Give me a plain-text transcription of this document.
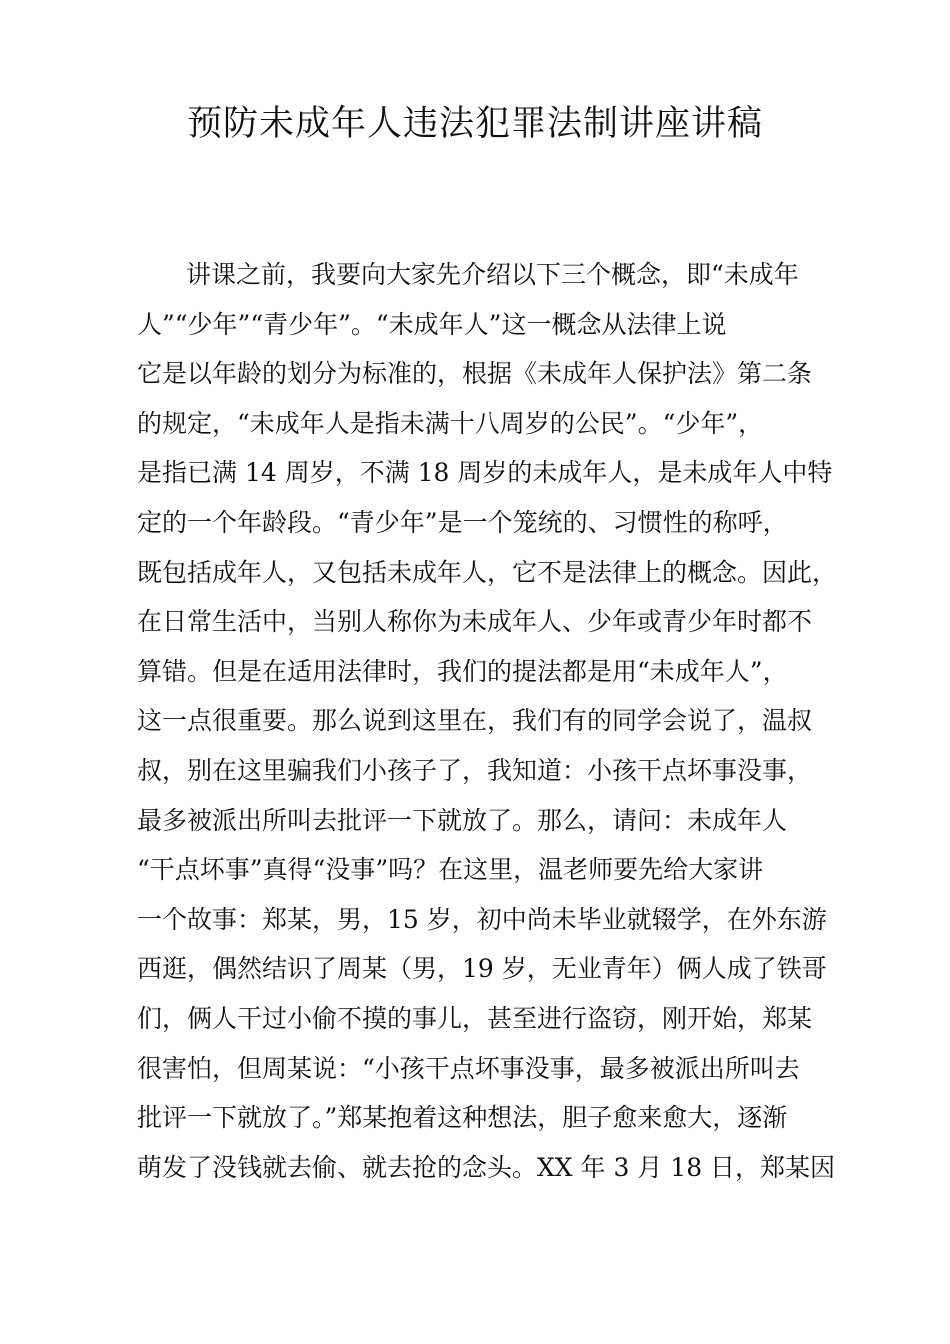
预防未成年人违法犯罪法制讲座讲稿
讲课之前，我要向大家先介绍以下三个概念，即“未成年
人”“少年”“青少年”。“未成年人”这一概念从法律上说
它是以年龄的划分为标准的，根据《未成年人保护法》第二条
的规定，“未成年人是指未满十八周岁的公民”。“少年”，
是指已满 14 周岁，不满 18 周岁的未成年人，是未成年人中特
定的一个年龄段。“青少年”是一个笼统的、习惯性的称呼，
既包括成年人，又包括未成年人，它不是法律上的概念。因此，
在日常生活中，当别人称你为未成年人、少年或青少年时都不
算错。但是在适用法律时，我们的提法都是用“未成年人”，
这一点很重要。那么说到这里在，我们有的同学会说了，温叔
叔，别在这里骗我们小孩子了，我知道：小孩干点坏事没事，
最多被派出所叫去批评一下就放了。那么，请问：未成年人
“干点坏事”真得“没事”吗？在这里，温老师要先给大家讲
一个故事：郑某，男，15 岁，初中尚未毕业就辍学，在外东游
西逛，偶然结识了周某（男，19 岁，无业青年）俩人成了铁哥
们，俩人干过小偷不摸的事儿，甚至进行盗窃，刚开始，郑某
很害怕，但周某说：“小孩干点坏事没事，最多被派出所叫去
批评一下就放了。”郑某抱着这种想法，胆子愈来愈大，逐渐
萌发了没钱就去偷、就去抢的念头。XX 年 3 月 18 日，郑某因
